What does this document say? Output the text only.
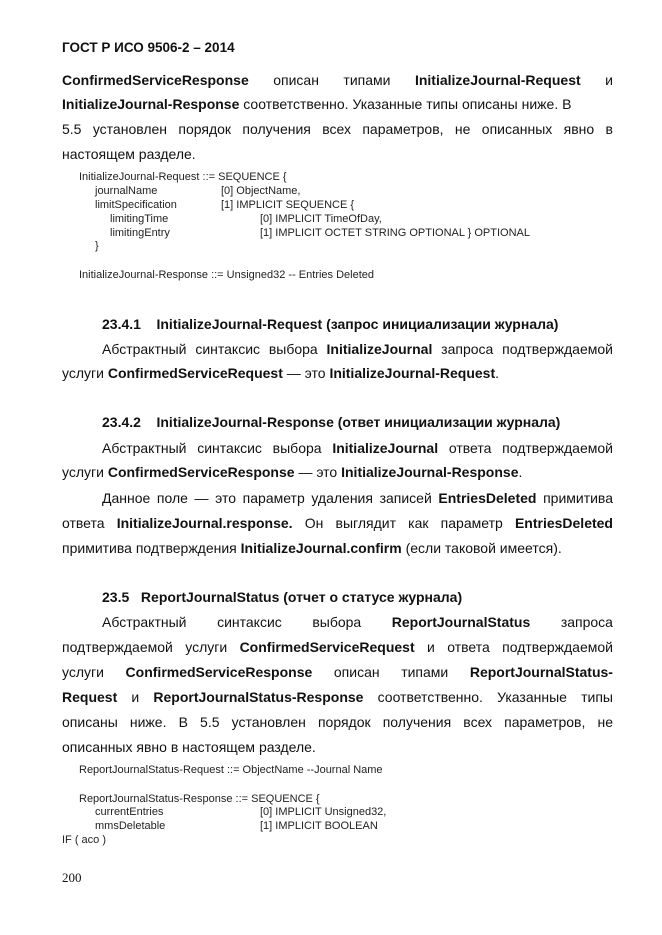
ГОСТ Р ИСО 9506-2 – 2014
ConfirmedServiceResponse описан типами InitializeJournal-Request и
InitializeJournal-Response соответственно. Указанные типы описаны ниже. В
5.5 установлен порядок получения всех параметров, не описанных явно в
настоящем разделе.
InitializeJournal-Request ::= SEQUENCE {
journalName	[0] ObjectName,
limitSpecification	[1] IMPLICIT SEQUENCE {
limitingTime	[0] IMPLICIT TimeOfDay,
limitingEntry	[1] IMPLICIT OCTET STRING OPTIONAL } OPTIONAL
}
InitializeJournal-Response ::= Unsigned32 -- Entries Deleted
23.4.1    InitializeJournal-Request (запрос инициализации журнала)
Абстрактный синтаксис выбора InitializeJournal запроса подтверждаемой
услуги ConfirmedServiceRequest — это InitializeJournal-Request.
23.4.2    InitializeJournal-Response (ответ инициализации журнала)
Абстрактный синтаксис выбора InitializeJournal ответа подтверждаемой
услуги ConfirmedServiceResponse — это InitializeJournal-Response.
Данное поле — это параметр удаления записей EntriesDeleted примитива
ответа InitializeJournal.response. Он выглядит как параметр EntriesDeleted
примитива подтверждения InitializeJournal.confirm (если таковой имеется).
23.5   ReportJournalStatus (отчет о статусе журнала)
Абстрактный синтаксис выбора ReportJournalStatus запроса
подтверждаемой услуги ConfirmedServiceRequest и ответа подтверждаемой
услуги ConfirmedServiceResponse описан типами ReportJournalStatus-
Request и ReportJournalStatus-Response соответственно. Указанные типы
описаны ниже. В 5.5 установлен порядок получения всех параметров, не
описанных явно в настоящем разделе.
ReportJournalStatus-Request ::= ObjectName --Journal Name
ReportJournalStatus-Response ::= SEQUENCE {
currentEntries	[0] IMPLICIT Unsigned32,
mmsDeletable	[1] IMPLICIT BOOLEAN
IF ( aco )
200
